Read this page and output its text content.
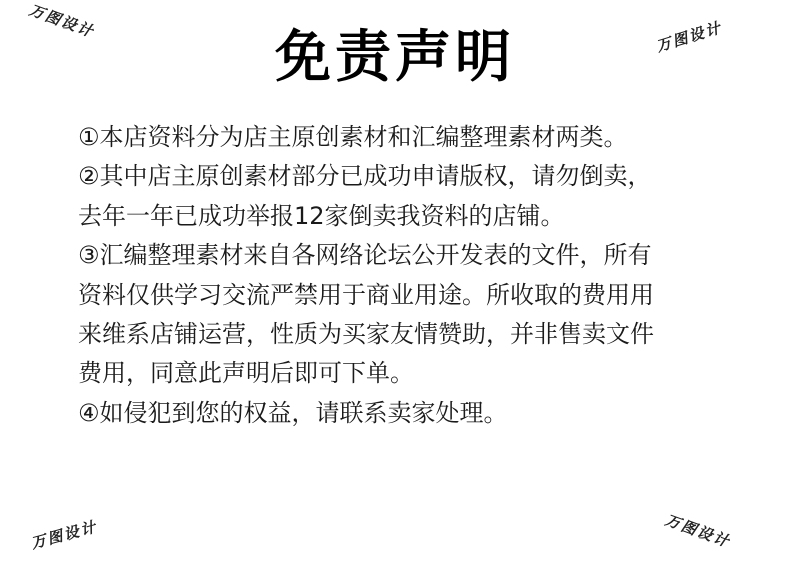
万图设计	万图设计
万图设计	万图设计
免责声明
①本店资料分为店主原创素材和汇编整理素材两类。
②其中店主原创素材部分已成功申请版权，请勿倒卖，
去年一年已成功举报12家倒卖我资料的店铺。
③汇编整理素材来自各网络论坛公开发表的文件，所有
资料仅供学习交流严禁用于商业用途。所收取的费用用
来维系店铺运营，性质为买家友情赞助，并非售卖文件
费用，同意此声明后即可下单。
④如侵犯到您的权益，请联系卖家处理。
